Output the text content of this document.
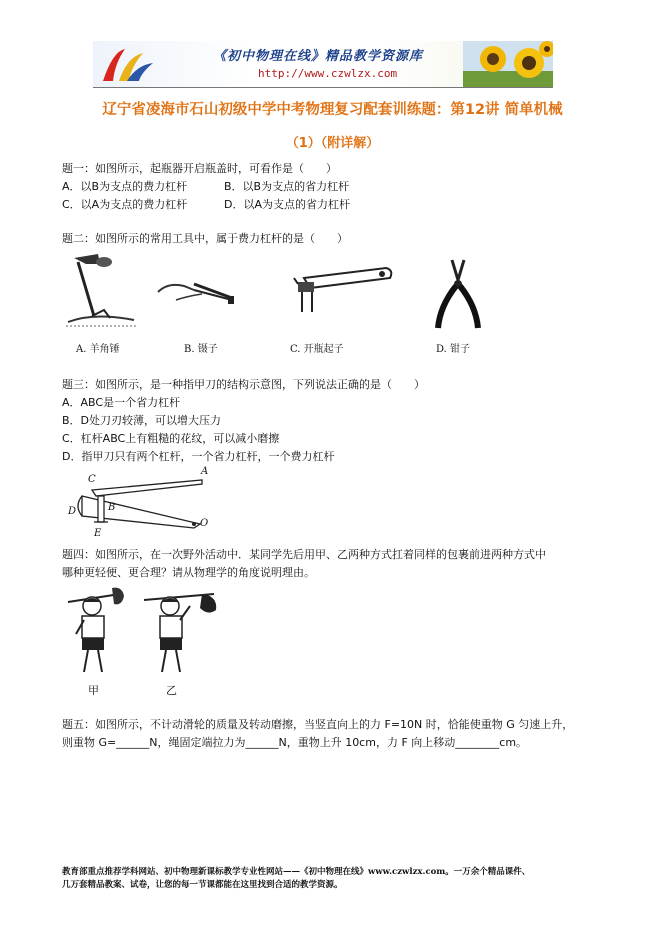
《初中物理在线》精品教学资源库
http://www.czwlzx.com
辽宁省凌海市石山初级中学中考物理复习配套训练题：第12讲 简单机械
（1）（附详解）
题一：如图所示，起瓶器开启瓶盖时，可看作是（　　）
A．以B为支点的费力杠杆	B．以B为支点的省力杠杆
C．以A为支点的费力杠杆	D．以A为支点的省力杠杆
题二：如图所示的常用工具中，属于费力杠杆的是（　　）
A. 羊角锤	B. 镊子	C. 开瓶起子	D. 钳子
题三：如图所示，是一种指甲刀的结构示意图，下列说法正确的是（　　）
A．ABC是一个省力杠杆
B．D处刀刃较薄，可以增大压力
C．杠杆ABC上有粗糙的花纹，可以减小磨擦
D．指甲刀只有两个杠杆，一个省力杠杆，一个费力杠杆
A
C
B
D
E
O
题四：如图所示，在一次野外活动中．某同学先后用甲、乙两种方式扛着同样的包裹前进两种方式中
哪种更轻便、更合理？请从物理学的角度说明理由。
甲	乙
题五：如图所示，不计动滑轮的质量及转动磨擦，当竖直向上的力 F=10N 时，恰能使重物 G 匀速上升，
则重物 G=______N，绳固定端拉力为______N，重物上升 10cm，力 F 向上移动________cm。
教育部重点推荐学科网站、初中物理新课标教学专业性网站——《初中物理在线》www.czwlzx.com。一万余个精品课件、
几万套精品教案、试卷，让您的每一节课都能在这里找到合适的教学资源。
